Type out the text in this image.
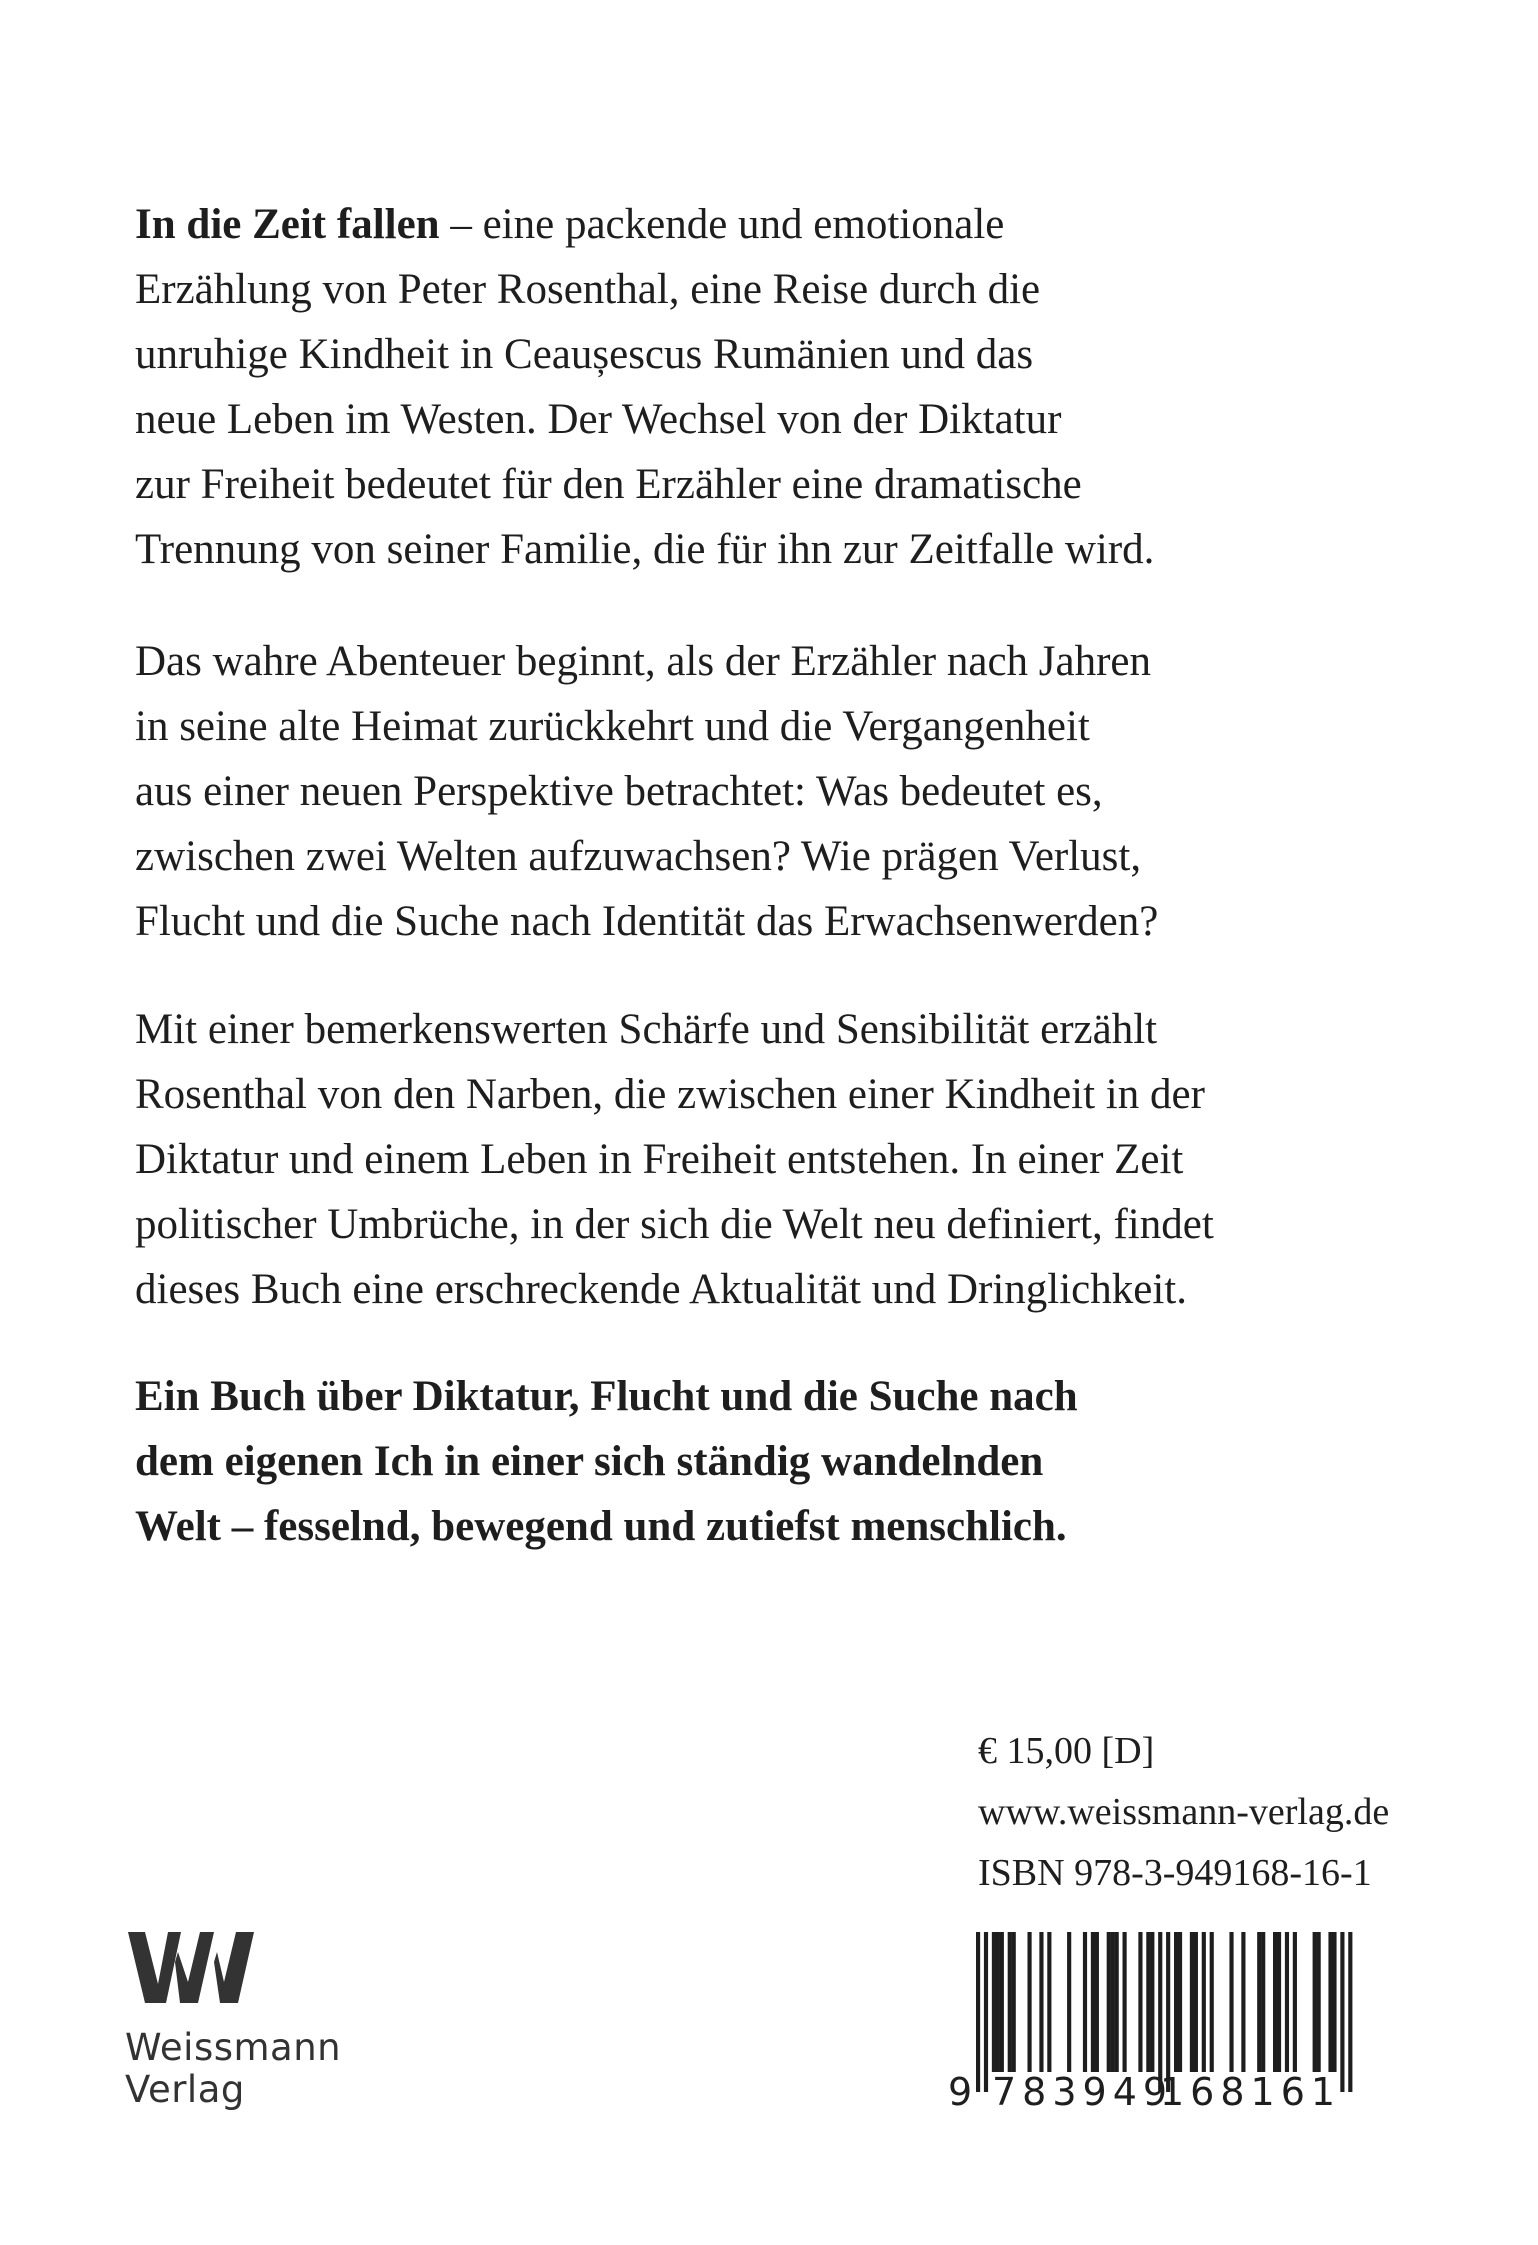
In die Zeit fallen – eine packende und emotionale
Erzählung von Peter Rosenthal, eine Reise durch die
unruhige Kindheit in Ceaușescus Rumänien und das
neue Leben im Westen. Der Wechsel von der Diktatur
zur Freiheit bedeutet für den Erzähler eine dramatische
Trennung von seiner Familie, die für ihn zur Zeitfalle wird.
Das wahre Abenteuer beginnt, als der Erzähler nach Jahren
in seine alte Heimat zurückkehrt und die Vergangenheit
aus einer neuen Perspektive betrachtet: Was bedeutet es,
zwischen zwei Welten aufzuwachsen? Wie prägen Verlust,
Flucht und die Suche nach Identität das Erwachsenwerden?
Mit einer bemerkenswerten Schärfe und Sensibilität erzählt
Rosenthal von den Narben, die zwischen einer Kindheit in der
Diktatur und einem Leben in Freiheit entstehen. In einer Zeit
politischer Umbrüche, in der sich die Welt neu definiert, findet
dieses Buch eine erschreckende Aktualität und Dringlichkeit.
Ein Buch über Diktatur, Flucht und die Suche nach
dem eigenen Ich in einer sich ständig wandelnden
Welt – fesselnd, bewegend und zutiefst menschlich.
€ 15,00 [D]
www.weissmann-verlag.de
ISBN 978-3-949168-16-1
9 783949
168161
Weissmann
Verlag
